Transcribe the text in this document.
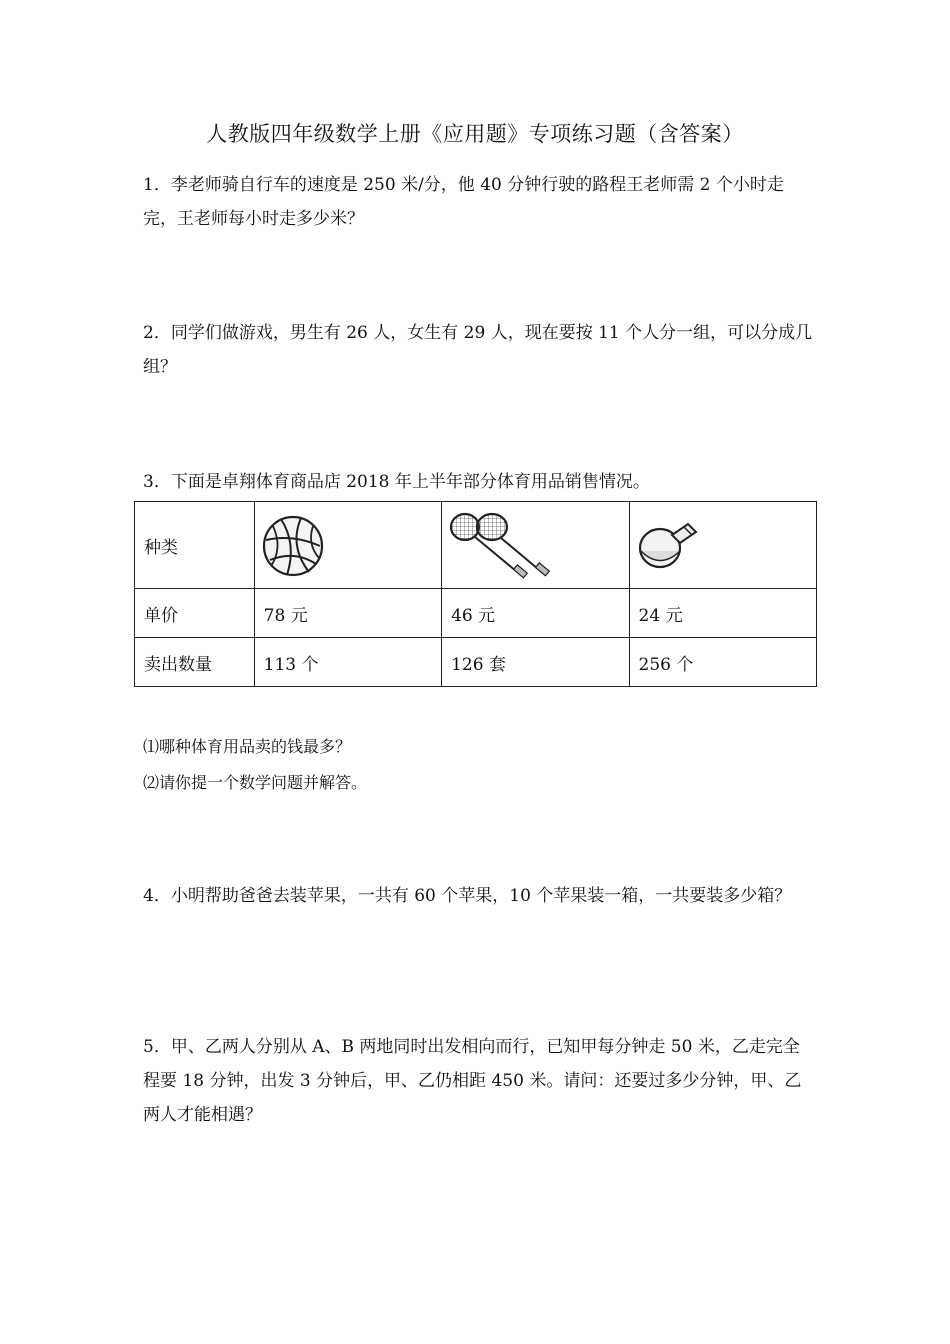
人教版四年级数学上册《应用题》专项练习题（含答案）

1．李老师骑自行车的速度是 250 米/分，他 40 分钟行驶的路程王老师需 2 个小时走完，王老师每小时走多少米？

2．同学们做游戏，男生有 26 人，女生有 29 人，现在要按 11 个人分一组，可以分成几组？

3．下面是卓翔体育商品店 2018 年上半年部分体育用品销售情况。

种类	

单价	78 元	46 元	24 元
卖出数量	113 个	126 套	256 个

⑴哪种体育用品卖的钱最多？

⑵请你提一个数学问题并解答。

4．小明帮助爸爸去装苹果，一共有 60 个苹果，10 个苹果装一箱，一共要装多少箱？

5．甲、乙两人分别从 A、B 两地同时出发相向而行，已知甲每分钟走 50 米，乙走完全程要 18 分钟，出发 3 分钟后，甲、乙仍相距 450 米。请问：还要过多少分钟，甲、乙两人才能相遇？
